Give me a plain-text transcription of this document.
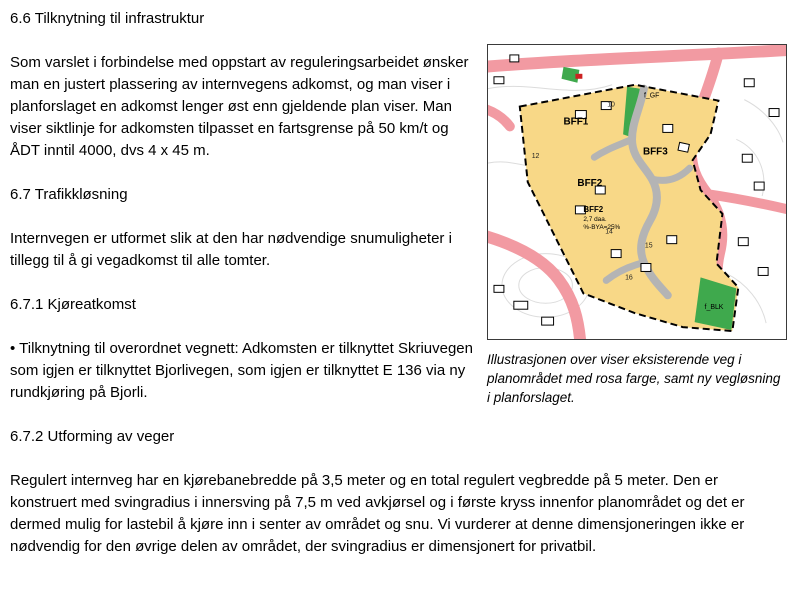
6.6 Tilknytning til infrastruktur

Som varslet i forbindelse med oppstart av reguleringsarbeidet ønsker man en justert plassering av internvegens adkomst, og man viser i planforslaget en adkomst lenger øst enn gjeldende plan viser. Man viser siktlinje for adkomsten tilpasset en fartsgrense på 50 km/t og ÅDT inntil 4000, dvs 4 x 45 m.

6.7 Trafikkløsning

Internvegen er utformet slik at den har nødvendige snumuligheter i tillegg til å gi vegadkomst til alle tomter.

6.7.1 Kjøreatkomst

• Tilknytning til overordnet vegnett: Adkomsten er tilknyttet Skriuvegen som igjen er tilknyttet Bjorlivegen, som igjen er tilknyttet E 136 via ny rundkjøring på Bjorli.

6.7.2 Utforming av veger

Regulert internveg har en kjørebanebredde på 3,5 meter og en total regulert vegbredde på 5 meter. Den er konstruert med svingradius i innersving på 7,5 m ved avkjørsel og i første kryss innenfor planområdet og det er dermed mulig for lastebil å kjøre inn i senter av området og snu. Vi vurderer at denne dimensjoneringen ikke er nødvendig for den øvrige delen av området, der svingradius er dimensjonert for privatbil.

BFF1
BFF3
BFF2
BFF2
2,7 daa.
%-BYA=25%
f_GF
f_BLK
10
12
14
15
16
Illustrasjonen over viser eksisterende veg i planområdet med rosa farge, samt ny vegløsning i planforslaget.
